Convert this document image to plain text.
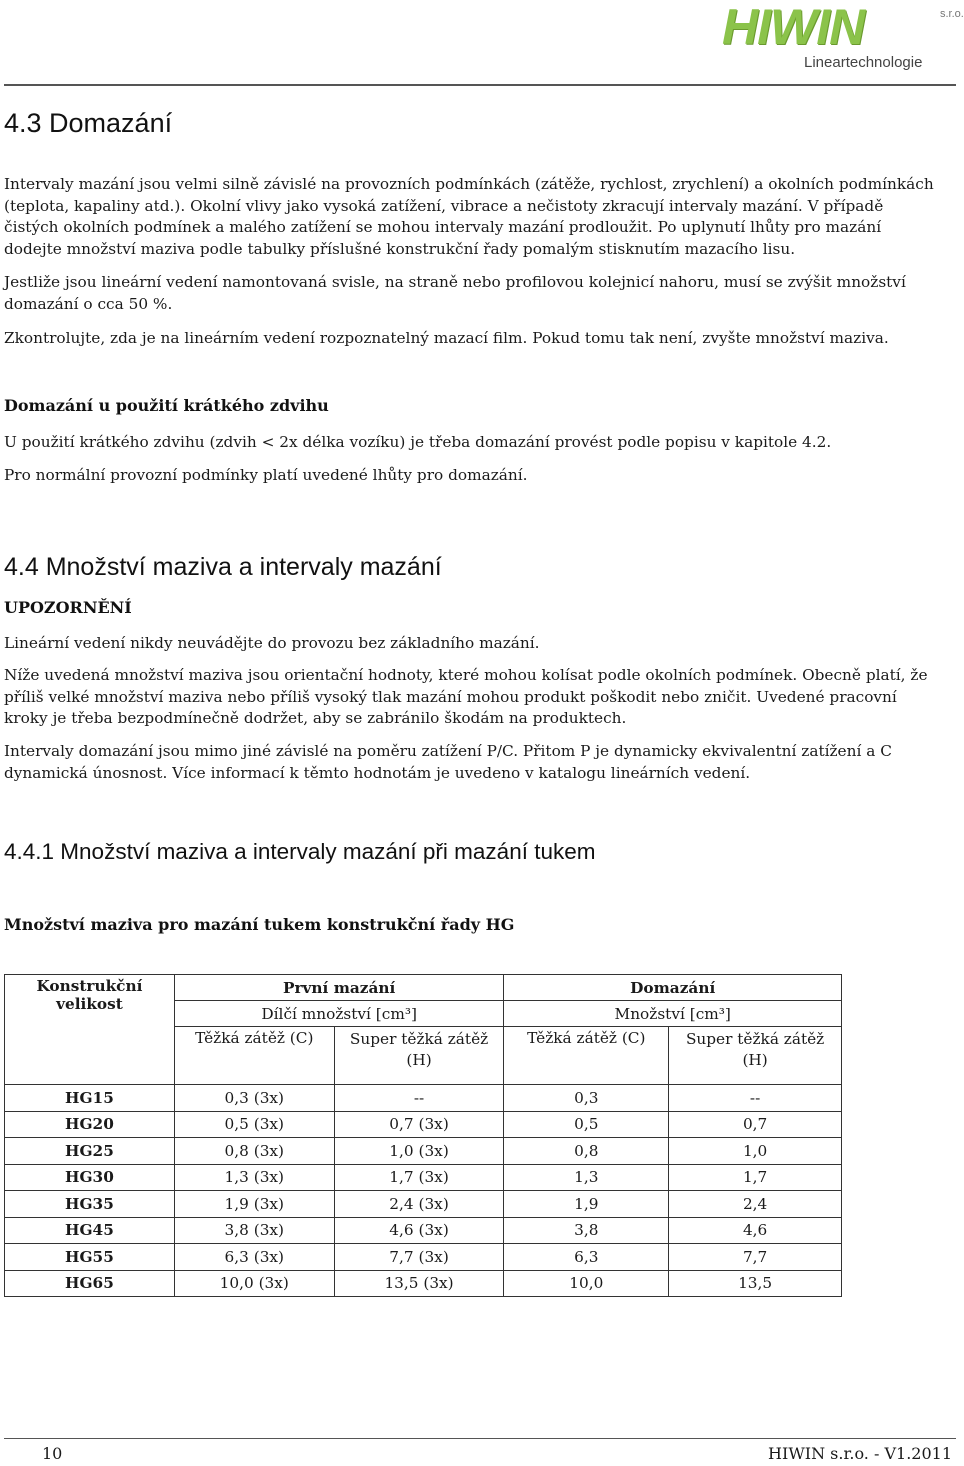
HIWIN	s.r.o.
Lineartechnologie
4.3 Domazání

Intervaly mazání jsou velmi silně závislé na provozních podmínkách (zátěže, rychlost, zrychlení) a okolních podmínkách (teplota, kapaliny atd.). Okolní vlivy jako vysoká zatížení, vibrace a nečistoty zkracují intervaly mazání. V případě čistých okolních podmínek a malého zatížení se mohou intervaly mazání prodloužit. Po uplynutí lhůty pro mazání dodejte množství maziva podle tabulky příslušné konstrukční řady pomalým stisknutím mazacího lisu.

Jestliže jsou lineární vedení namontovaná svisle, na straně nebo profilovou kolejnicí nahoru, musí se zvýšit množství domazání o cca 50 %.

Zkontrolujte, zda je na lineárním vedení rozpoznatelný mazací film. Pokud tomu tak není, zvyšte množství maziva.

Domazání u použití krátkého zdvihu

U použití krátkého zdvihu (zdvih < 2x délka vozíku) je třeba domazání provést podle popisu v kapitole 4.2.

Pro normální provozní podmínky platí uvedené lhůty pro domazání.

4.4 Množství maziva a intervaly mazání
UPOZORNĚNÍ

Lineární vedení nikdy neuvádějte do provozu bez základního mazání.

Níže uvedená množství maziva jsou orientační hodnoty, které mohou kolísat podle okolních podmínek. Obecně platí, že příliš velké množství maziva nebo příliš vysoký tlak mazání mohou produkt poškodit nebo zničit. Uvedené pracovní kroky je třeba bezpodmínečně dodržet, aby se zabránilo škodám na produktech.

Intervaly domazání jsou mimo jiné závislé na poměru zatížení P/C. Přitom P je dynamicky ekvivalentní zatížení a C dynamická únosnost. Více informací k těmto hodnotám je uvedeno v katalogu lineárních vedení.

4.4.1 Množství maziva a intervaly mazání při mazání tukem
Množství maziva pro mazání tukem konstrukční řady HG
Konstrukční velikost	První mazání		Domazání	
	Dílčí množství [cm³]		Množství [cm³]	
	Těžká zátěž (C)	Super těžká zátěž (H)	Těžká zátěž (C)	Super těžká zátěž (H)
HG15	0,3 (3x)	--	0,3	--
HG20	0,5 (3x)	0,7 (3x)	0,5	0,7
HG25	0,8 (3x)	1,0 (3x)	0,8	1,0
HG30	1,3 (3x)	1,7 (3x)	1,3	1,7
HG35	1,9 (3x)	2,4 (3x)	1,9	2,4
HG45	3,8 (3x)	4,6 (3x)	3,8	4,6
HG55	6,3 (3x)	7,7 (3x)	6,3	7,7
HG65	10,0 (3x)	13,5 (3x)	10,0	13,5
10	HIWIN s.r.o. - V1.2011
